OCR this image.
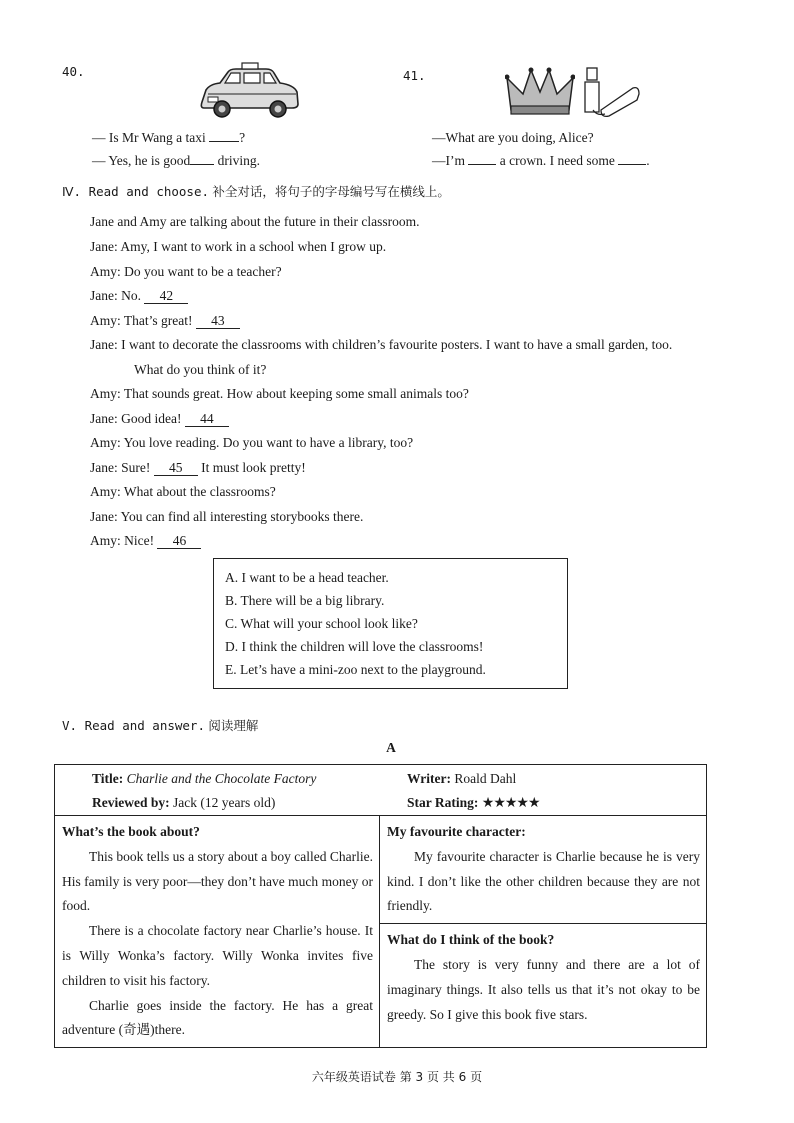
40.
— Is Mr Wang a taxi ?
— Yes, he is good driving.
41.
—What are you doing, Alice?
—I’m  a crown. I need some .
Ⅳ. Read and choose. 补全对话，将句子的字母编号写在横线上。
Jane and Amy are talking about the future in their classroom.
Jane: Amy, I want to work in a school when I grow up.
Amy: Do you want to be a teacher?
Jane: No. 42
Amy: That’s great! 43
Jane: I want to decorate the classrooms with children’s favourite posters. I want to have a small garden, too.
What do you think of it?
Amy: That sounds great. How about keeping some small animals too?
Jane: Good idea! 44
Amy: You love reading. Do you want to have a library, too?
Jane: Sure! 45 It must look pretty!
Amy: What about the classrooms?
Jane: You can find all interesting storybooks there.
Amy: Nice! 46
A. I want to be a head teacher.
B. There will be a big library.
C. What will your school look like?
D. I think the children will love the classrooms!
E. Let’s have a mini-zoo next to the playground.
V. Read and answer. 阅读理解
A
Title: Charlie and the Chocolate Factory	Writer: Roald Dahl
Reviewed by: Jack (12 years old)	Star Rating: ★★★★★

What’s the book about?

This book tells us a story about a boy called Charlie. His family is very poor—they don’t have much money or food.

There is a chocolate factory near Charlie’s house. It is Willy Wonka’s factory. Willy Wonka invites five children to visit his factory.

Charlie goes inside the factory. He has a great adventure (奇遇)there.

My favourite character:

My favourite character is Charlie because he is very kind. I don’t like the other children because they are not friendly.

What do I think of the book?

The story is very funny and there are a lot of imaginary things. It also tells us that it’s not okay to be greedy. So I give this book five stars.

六年级英语试卷 第 3 页 共 6 页
